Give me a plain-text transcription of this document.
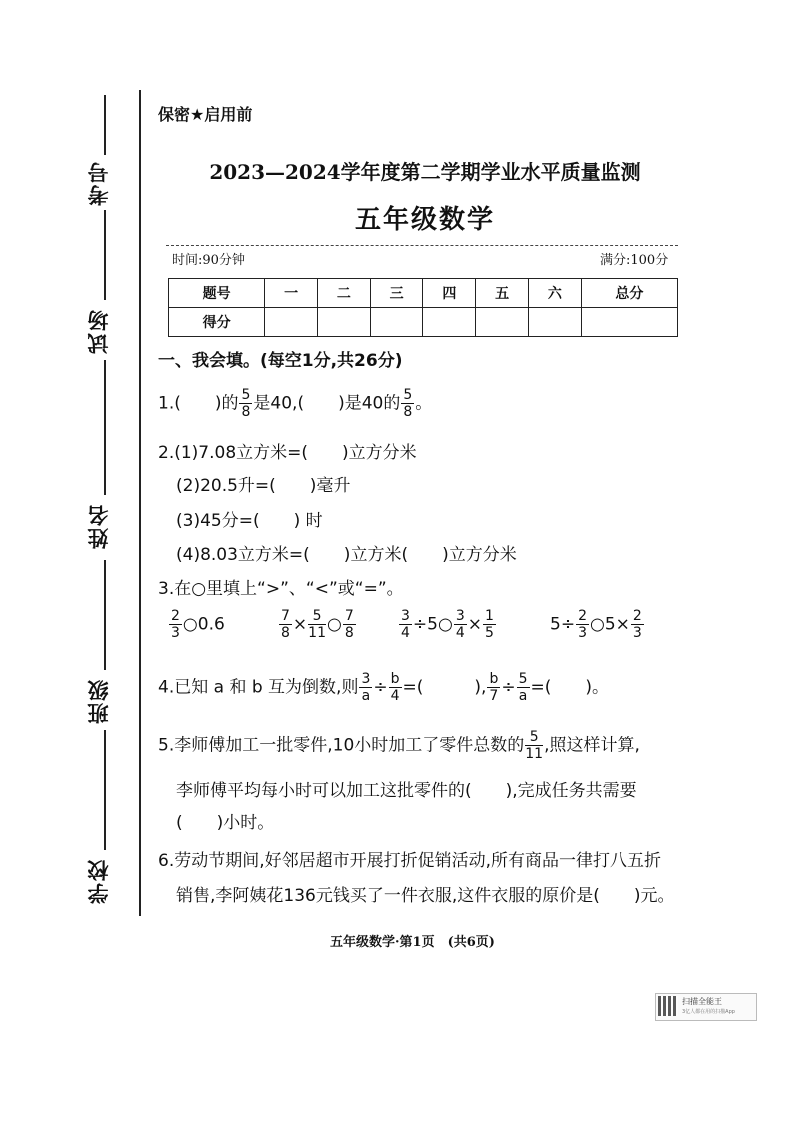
考号
试场
姓名
班级
学校
保密★启用前
2023—2024学年度第二学期学业水平质量监测
五年级数学
时间:90分钟	满分:100分
题号	一	二	三	四	五	六	总分
得分							
一、我会填。(每空1分,共26分)
1.(　　)的 $\frac{5}{8}$ 是40,(　　)是40的 $\frac{5}{8}$ 。
2.(1)7.08立方米=(　　)立方分米
(2)20.5升=(　　)毫升
(3)45分=(　　) 时
(4)8.03立方米=(　　)立方米(　　)立方分米
3.在○里填上“>”、“<”或“=”。
$\frac{2}{3}$ ○0.6	$\frac{7}{8} \times \frac{5}{11}$ ○ $\frac{7}{8}$	$\frac{3}{4}$ ÷5○ $\frac{3}{4} \times \frac{1}{5}$	$5\div \frac{2}{3}$ ○5× $\frac{2}{3}$
4.已知 a 和 b 互为倒数,则 $\frac{3}{a} \div \frac{b}{4}$ =(　　　), $\frac{b}{7} \div \frac{5}{a}$ =(　　)。
5.李师傅加工一批零件,10小时加工了零件总数的 $\frac{5}{11}$ ,照这样计算,
李师傅平均每小时可以加工这批零件的(　　),完成任务共需要
(　　)小时。
6.劳动节期间,好邻居超市开展打折促销活动,所有商品一律打八五折
销售,李阿姨花136元钱买了一件衣服,这件衣服的原价是(　　)元。
五年级数学·第1页　(共6页)
扫描全能王
3亿人都在用的扫描App
